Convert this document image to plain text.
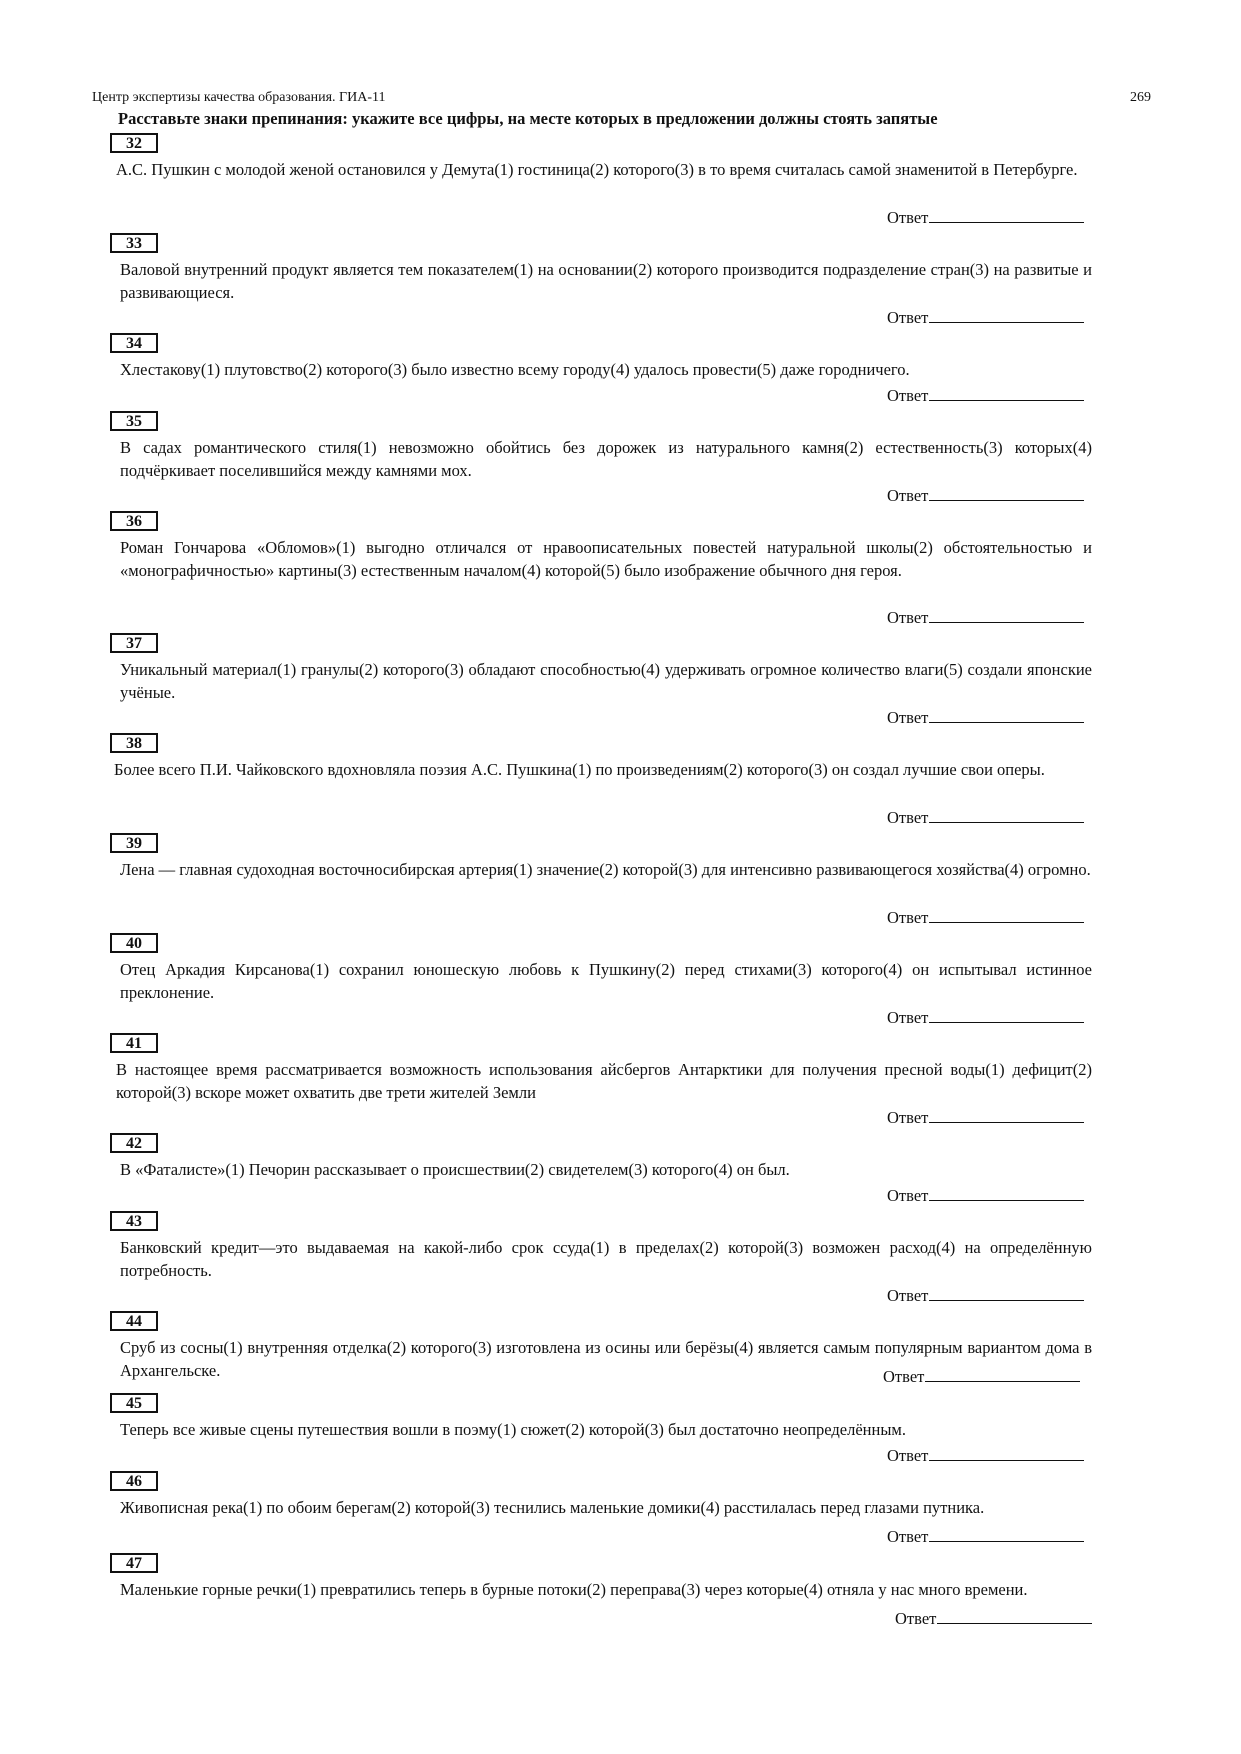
Центр экспертизы качества образования. ГИА-11	269
Расставьте знаки препинания: укажите все цифры, на месте которых в предложении должны стоять запятые
32
А.С. Пушкин с молодой женой остановился у Демута(1) гостиница(2) которого(3) в то время считалась самой знаменитой в Петербурге.
Ответ
33
Валовой внутренний продукт является тем показателем(1) на основании(2) которого производится подразделение стран(3) на развитые и развивающиеся.
Ответ
34
Хлестакову(1) плутовство(2) которого(3) было известно всему городу(4) удалось провести(5) даже городничего.
Ответ
35
В садах романтического стиля(1) невозможно обойтись без дорожек из натурального камня(2) естественность(3) которых(4) подчёркивает поселившийся между камнями мох.
Ответ
36
Роман Гончарова «Обломов»(1) выгодно отличался от нравоописательных повестей натуральной школы(2) обстоятельностью и «монографичностью» картины(3) естественным началом(4) которой(5) было изображение обычного дня героя.
Ответ
37
Уникальный материал(1) гранулы(2) которого(3) обладают способностью(4) удерживать огромное количество влаги(5) создали японские учёные.
Ответ
38
Более всего П.И. Чайковского вдохновляла поэзия А.С. Пушкина(1) по произведениям(2) которого(3) он создал лучшие свои оперы.
Ответ
39
Лена — главная судоходная восточносибирская артерия(1) значение(2) которой(3) для интенсивно развивающегося хозяйства(4) огромно.
Ответ
40
Отец Аркадия Кирсанова(1) сохранил юношескую любовь к Пушкину(2) перед стихами(3) которого(4) он испытывал истинное преклонение.
Ответ
41
В настоящее время рассматривается возможность использования айсбергов Антарктики для получения пресной воды(1) дефицит(2) которой(3) вскоре может охватить две трети жителей Земли
Ответ
42
В «Фаталисте»(1) Печорин рассказывает о происшествии(2) свидетелем(3) которого(4) он был.
Ответ
43
Банковский кредит—это выдаваемая на какой-либо срок ссуда(1) в пределах(2) которой(3) возможен расход(4) на определённую потребность.
Ответ
44
Сруб из сосны(1) внутренняя отделка(2) которого(3) изготовлена из осины или берёзы(4) является самым популярным вариантом дома в Архангельске.	Ответ
45
Теперь все живые сцены путешествия вошли в поэму(1) сюжет(2) которой(3) был достаточно неопределённым.
Ответ
46
Живописная река(1) по обоим берегам(2) которой(3) теснились маленькие домики(4) расстилалась перед глазами путника.
Ответ
47
Маленькие горные речки(1) превратились теперь в бурные потоки(2) переправа(3) через которые(4) отняла у нас много времени.
Ответ
